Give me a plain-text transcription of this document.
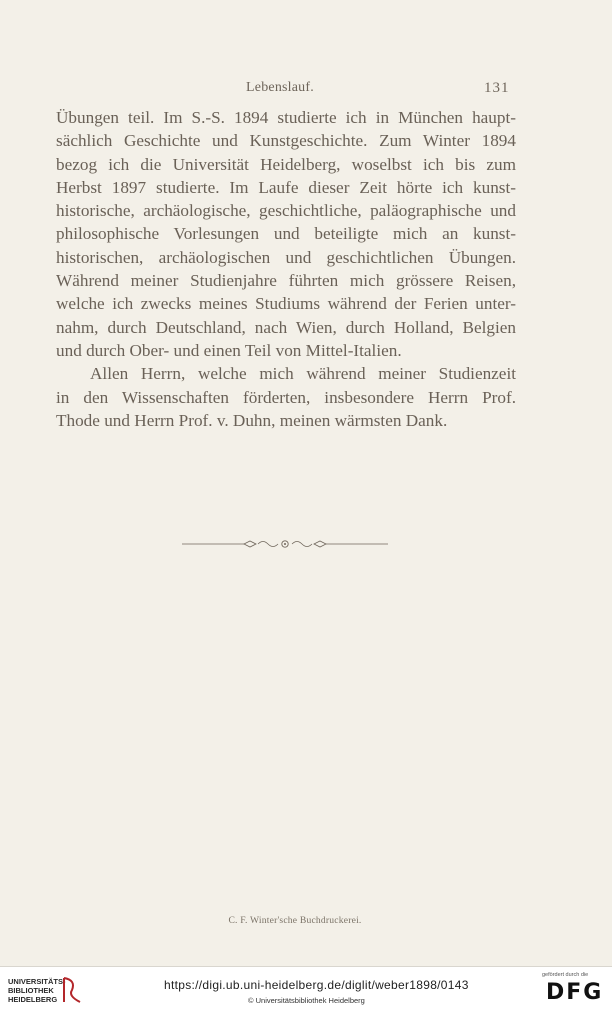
Lebenslauf.	131
Übungen teil. Im S.-S. 1894 studierte ich in München haupt-
sächlich Geschichte und Kunstgeschichte. Zum Winter 1894
bezog ich die Universität Heidelberg, woselbst ich bis zum
Herbst 1897 studierte. Im Laufe dieser Zeit hörte ich kunst-
historische, archäologische, geschichtliche, paläographische und
philosophische Vorlesungen und beteiligte mich an kunst-
historischen, archäologischen und geschichtlichen Übungen.
Während meiner Studienjahre führten mich grössere Reisen,
welche ich zwecks meines Studiums während der Ferien unter-
nahm, durch Deutschland, nach Wien, durch Holland, Belgien
und durch Ober- und einen Teil von Mittel-Italien.
Allen Herrn, welche mich während meiner Studienzeit
in den Wissenschaften förderten, insbesondere Herrn Prof.
Thode und Herrn Prof. v. Duhn, meinen wärmsten Dank.
C. F. Winter'sche Buchdruckerei.
UNIVERSITÄTS-
BIBLIOTHEK
HEIDELBERG
https://digi.ub.uni-heidelberg.de/diglit/weber1898/0143
© Universitätsbibliothek Heidelberg
gefördert durch die
DFG
